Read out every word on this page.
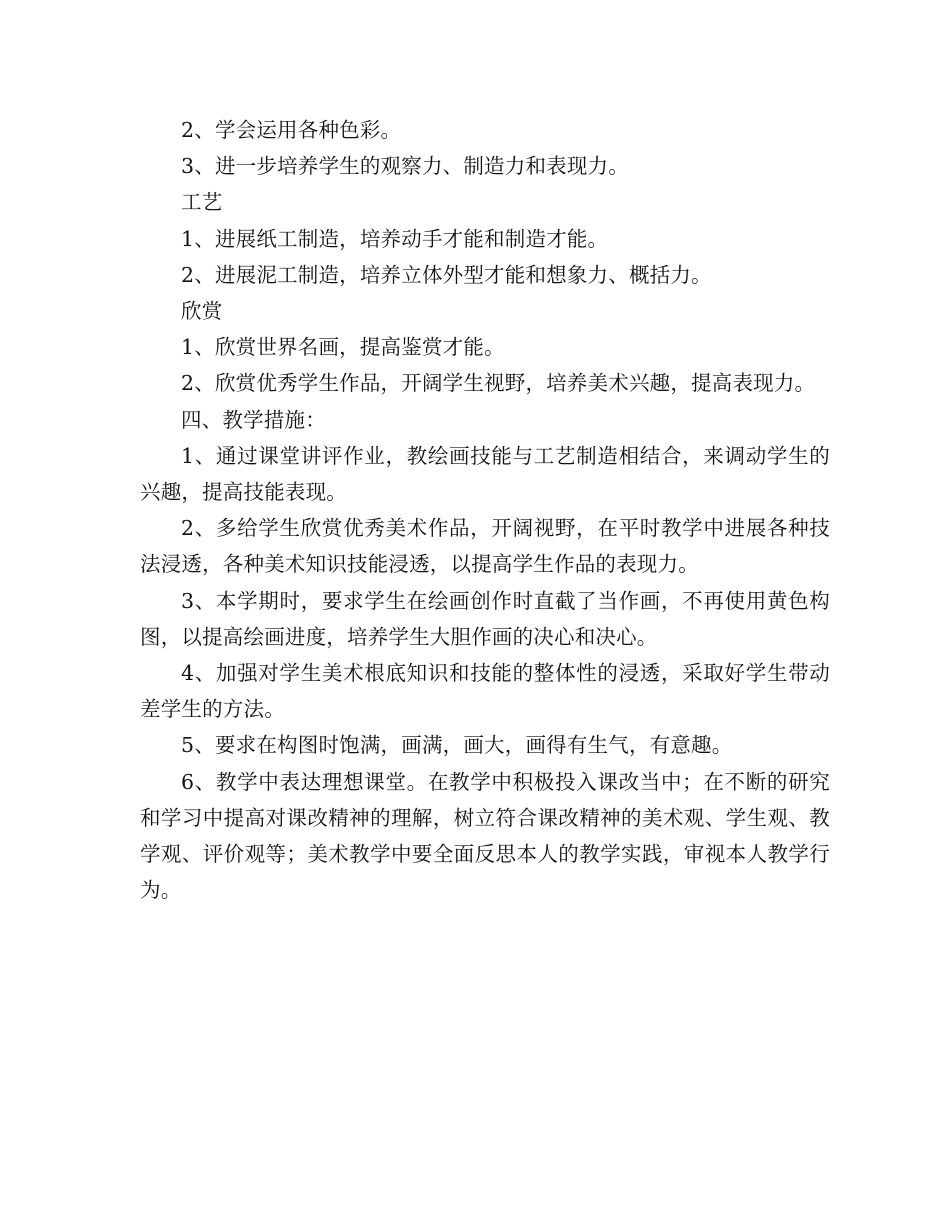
2、学会运用各种色彩。

3、进一步培养学生的观察力、制造力和表现力。

工艺

1、进展纸工制造，培养动手才能和制造才能。

2、进展泥工制造，培养立体外型才能和想象力、概括力。

欣赏

1、欣赏世界名画，提高鉴赏才能。

2、欣赏优秀学生作品，开阔学生视野，培养美术兴趣，提高表现力。

四、教学措施：

1、通过课堂讲评作业，教绘画技能与工艺制造相结合，来调动学生的兴趣，提高技能表现。

2、多给学生欣赏优秀美术作品，开阔视野，在平时教学中进展各种技法浸透，各种美术知识技能浸透，以提高学生作品的表现力。

3、本学期时，要求学生在绘画创作时直截了当作画，不再使用黄色构图，以提高绘画进度，培养学生大胆作画的决心和决心。

4、加强对学生美术根底知识和技能的整体性的浸透，采取好学生带动差学生的方法。

5、要求在构图时饱满，画满，画大，画得有生气，有意趣。

6、教学中表达理想课堂。在教学中积极投入课改当中；在不断的研究和学习中提高对课改精神的理解，树立符合课改精神的美术观、学生观、教学观、评价观等；美术教学中要全面反思本人的教学实践，审视本人教学行为。
